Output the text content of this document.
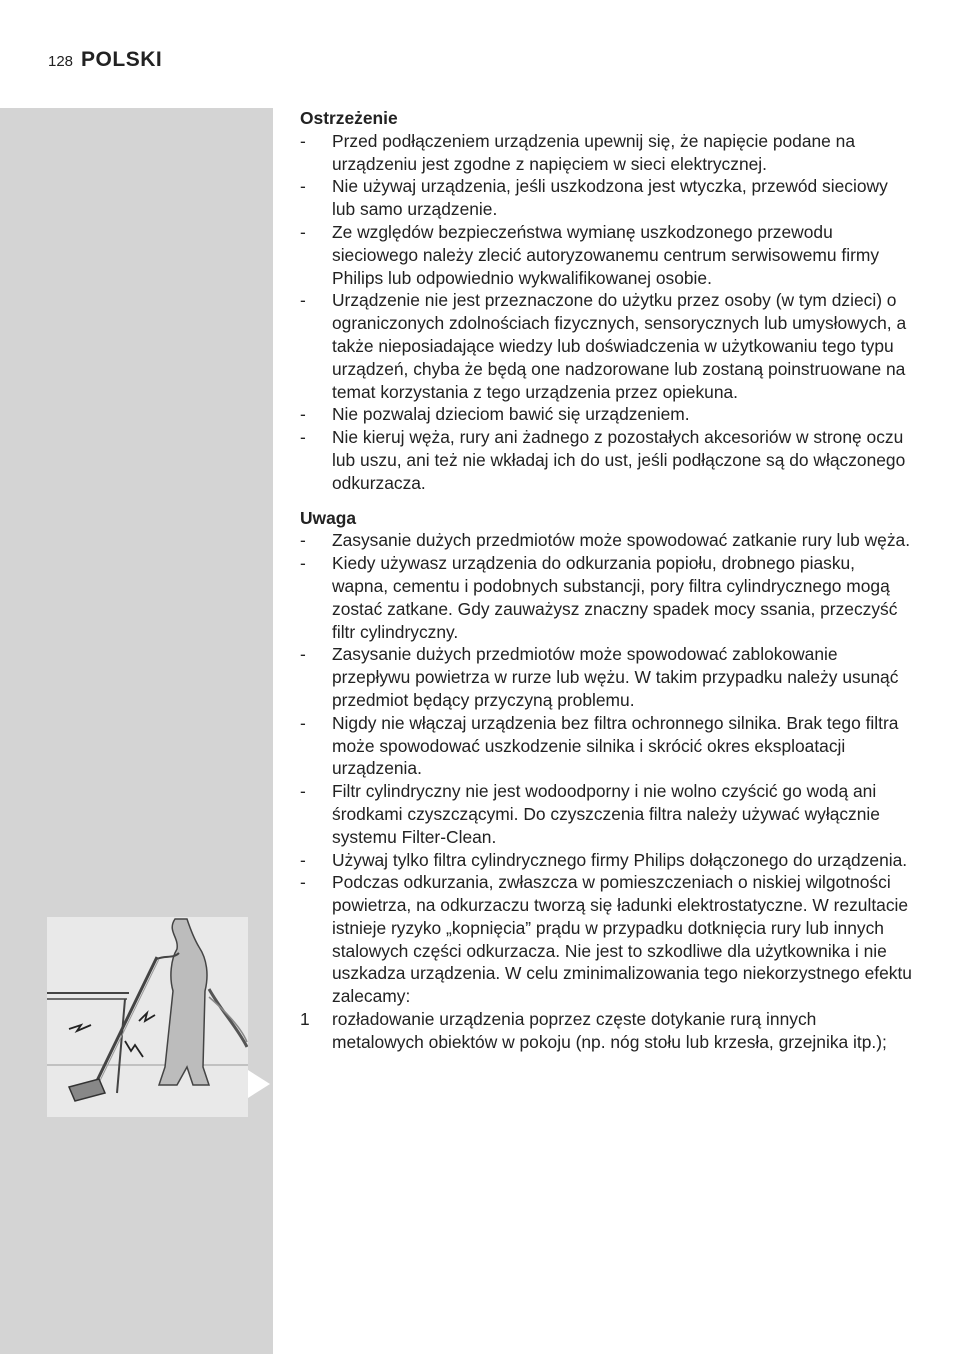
128 POLSKI

Ostrzeżenie

-	Przed podłączeniem urządzenia upewnij się, że napięcie podane na urządzeniu jest zgodne z napięciem w sieci elektrycznej.
-	Nie używaj urządzenia, jeśli uszkodzona jest wtyczka, przewód sieciowy lub samo urządzenie.
-	Ze względów bezpieczeństwa wymianę uszkodzonego przewodu sieciowego należy zlecić autoryzowanemu centrum serwisowemu firmy Philips lub odpowiednio wykwalifikowanej osobie.
-	Urządzenie nie jest przeznaczone do użytku przez osoby (w tym dzieci) o ograniczonych zdolnościach fizycznych, sensorycznych lub umysłowych, a także nieposiadające wiedzy lub doświadczenia w użytkowaniu tego typu urządzeń, chyba że będą one nadzorowane lub zostaną poinstruowane na temat korzystania z tego urządzenia przez opiekuna.
-	Nie pozwalaj dzieciom bawić się urządzeniem.
-	Nie kieruj węża, rury ani żadnego z pozostałych akcesoriów w stronę oczu lub uszu, ani też nie wkładaj ich do ust, jeśli podłączone są do włączonego odkurzacza.

Uwaga

-	Zasysanie dużych przedmiotów może spowodować zatkanie rury lub węża.
-	Kiedy używasz urządzenia do odkurzania popiołu, drobnego piasku, wapna, cementu i podobnych substancji, pory filtra cylindrycznego mogą zostać zatkane. Gdy zauważysz znaczny spadek mocy ssania, przeczyść filtr cylindryczny.
-	Zasysanie dużych przedmiotów może spowodować zablokowanie przepływu powietrza w rurze lub wężu. W takim przypadku należy usunąć przedmiot będący przyczyną problemu.
-	Nigdy nie włączaj urządzenia bez filtra ochronnego silnika. Brak tego filtra może spowodować uszkodzenie silnika i skrócić okres eksploatacji urządzenia.
-	Filtr cylindryczny nie jest wodoodporny i nie wolno czyścić go wodą ani środkami czyszczącymi. Do czyszczenia filtra należy używać wyłącznie systemu Filter-Clean.
-	Używaj tylko filtra cylindrycznego firmy Philips dołączonego do urządzenia.
-	Podczas odkurzania, zwłaszcza w pomieszczeniach o niskiej wilgotności powietrza, na odkurzaczu tworzą się ładunki elektrostatyczne. W rezultacie istnieje ryzyko „kopnięcia” prądu w przypadku dotknięcia rury lub innych stalowych części odkurzacza. Nie jest to szkodliwe dla użytkownika i nie uszkadza urządzenia. W celu zminimalizowania tego niekorzystnego efektu zalecamy:
1	rozładowanie urządzenia poprzez częste dotykanie rurą innych metalowych obiektów w pokoju (np. nóg stołu lub krzesła, grzejnika itp.);
